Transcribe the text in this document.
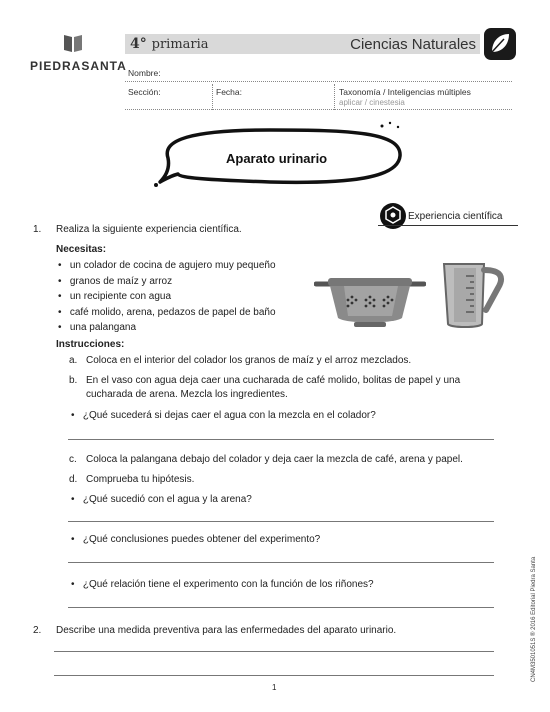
PIEDRASANTA
4° primaria	Ciencias Naturales
Nombre:
Sección:	Fecha:	Taxonomía / Inteligencias múltiples
aplicar / cinestesia
Aparato urinario
Experiencia científica
1. Realiza la siguiente experiencia científica.
Necesitas:
•   un colador de cocina de agujero muy pequeño
•   granos de maíz y arroz
•   un recipiente con agua
•   café molido, arena, pedazos de papel de baño
•   una palangana
Instrucciones:
a. Coloca en el interior del colador los granos de maíz y el arroz mezclados.
b. En el vaso con agua deja caer una cucharada de café molido, bolitas de papel y una
cucharada de arena. Mezcla los ingredientes.
•   ¿Qué sucederá si dejas caer el agua con la mezcla en el colador?
c. Coloca la palangana debajo del colador y deja caer la mezcla de café, arena y papel.
d. Comprueba tu hipótesis.
•   ¿Qué sucedió con el agua y la arena?
•   ¿Qué conclusiones puedes obtener del experimento?
•   ¿Qué relación tiene el experimento con la función de los riñones?
2. Describe una medida preventiva para las enfermedades del aparato urinario.
1
CN4M3501051S ® 2016 Editorial Piedra Santa
